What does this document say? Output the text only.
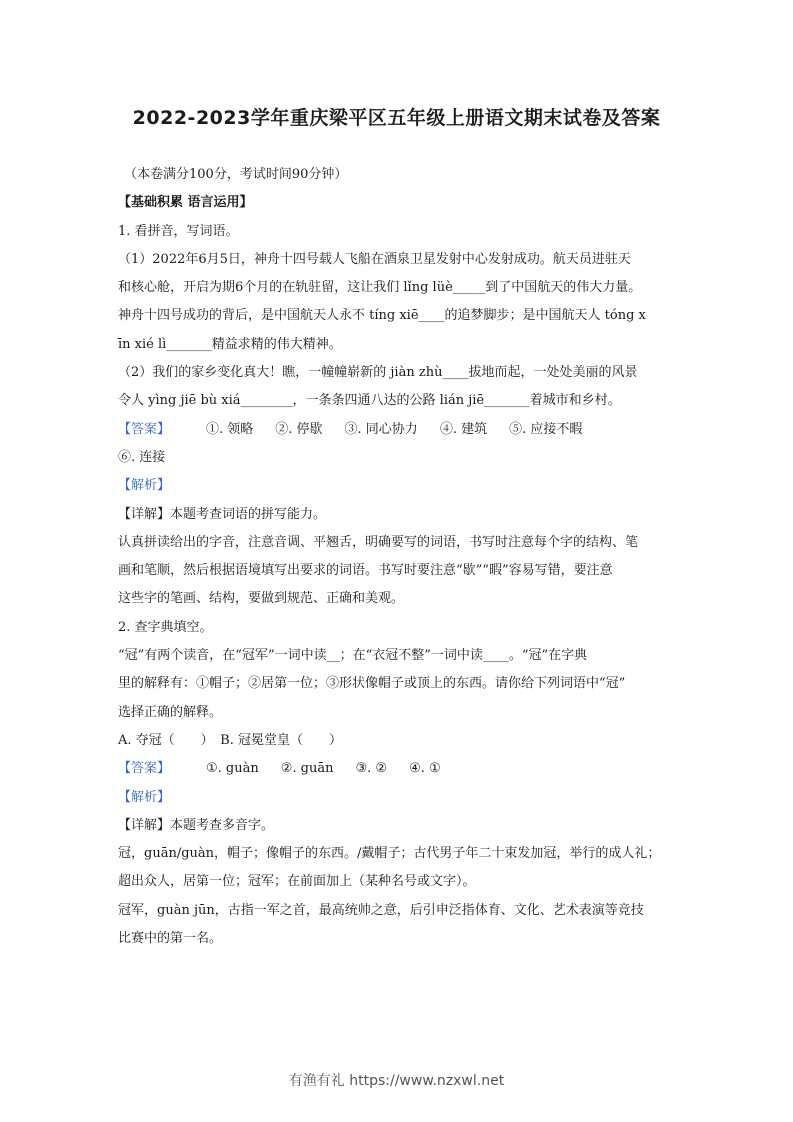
2022-2023学年重庆梁平区五年级上册语文期末试卷及答案
（本卷满分100分，考试时间90分钟）
【基础积累 语言运用】
1. 看拼音，写词语。
（1）2022年6月5日，神舟十四号载人飞船在酒泉卫星发射中心发射成功。航天员进驻天
和核心舱，开启为期6个月的在轨驻留，这让我们 lǐng lüè_____到了中国航天的伟大力量。
神舟十四号成功的背后，是中国航天人永不 tíng xiē____的追梦脚步；是中国航天人 tóng x
īn xié lì_______精益求精的伟大精神。
（2）我们的家乡变化真大！瞧，一幢幢崭新的 jiàn zhù____拔地而起，一处处美丽的风景
令人 yìng jiē bù xiá________，一条条四通八达的公路 lián jiē_______着城市和乡村。
【答案】	①. 领略 ②. 停歇 ③. 同心协力 ④. 建筑 ⑤. 应接不暇
⑥. 连接
【解析】
【详解】本题考查词语的拼写能力。
认真拼读给出的字音，注意音调、平翘舌，明确要写的词语，书写时注意每个字的结构、笔
画和笔顺，然后根据语境填写出要求的词语。书写时要注意“歇”“暇”容易写错，要注意
这些字的笔画、结构，要做到规范、正确和美观。
2. 查字典填空。
“冠”有两个读音，在“冠军”一词中读__；在“衣冠不整”一词中读____。“冠”在字典
里的解释有：①帽子；②居第一位；③形状像帽子或顶上的东西。请你给下列词语中“冠”
选择正确的解释。
A. 夺冠（　　）　B. 冠冕堂皇（　　）
【答案】	①. guàn ②. guān ③. ② ④. ①
【解析】
【详解】本题考查多音字。
冠，guān/guàn，帽子；像帽子的东西。/戴帽子；古代男子年二十束发加冠，举行的成人礼；
超出众人，居第一位；冠军；在前面加上（某种名号或文字）。
冠军，guàn jūn，古指一军之首，最高统帅之意，后引申泛指体育、文化、艺术表演等竞技
比赛中的第一名。
有渔有礼 https://www.nzxwl.net
